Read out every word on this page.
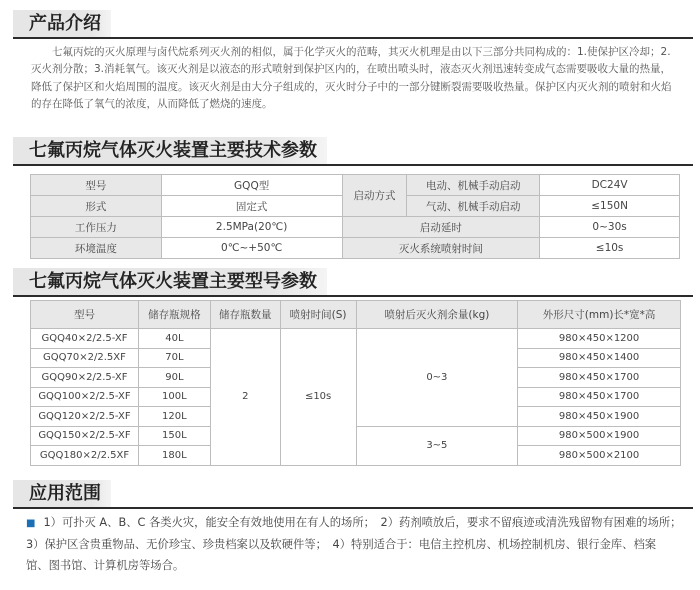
产品介绍

七氟丙烷的灭火原理与卤代烷系列灭火剂的相似，属于化学灭火的范畴，其灭火机理是由以下三部分共同构成的：1.使保护区冷却；2.灭火剂分散；3.消耗氧气。该灭火剂是以液态的形式喷射到保护区内的，在喷出喷头时，液态灭火剂迅速转变成气态需要吸收大量的热量，降低了保护区和火焰周围的温度。该灭火剂是由大分子组成的，灭火时分子中的一部分键断裂需要吸收热量。保护区内灭火剂的喷射和火焰的存在降低了氧气的浓度，从而降低了燃烧的速度。

七氟丙烷气体灭火装置主要技术参数
型号	GQQ型	启动方式	电动、机械手动启动	DC24V
形式	固定式		气动、机械手动启动	≤150N
工作压力	2.5MPa(20℃)	启动延时		0~30s
环境温度	0℃~+50℃	灭火系统喷射时间		≤10s
七氟丙烷气体灭火装置主要型号参数
型号	储存瓶规格	储存瓶数量	喷射时间(S)	喷射后灭火剂余量(kg)	外形尺寸(mm)长*宽*高
GQQ40×2/2.5-XF	40L	2	≤10s	0~3	980×450×1200
GQQ70×2/2.5XF	70L				980×450×1400
GQQ90×2/2.5-XF	90L				980×450×1700
GQQ100×2/2.5-XF	100L				980×450×1700
GQQ120×2/2.5-XF	120L				980×450×1900
GQQ150×2/2.5-XF	150L			3~5	980×500×1900
GQQ180×2/2.5XF	180L				980×500×2100
应用范围

■ 1）可扑灭 A、B、C 各类火灾，能安全有效地使用在有人的场所；　2）药剂喷放后，要求不留痕迹或清洗残留物有困难的场所；　3）保护区含贵重物品、无价珍宝、珍贵档案以及软硬件等；　4）特别适合于：电信主控机房、机场控制机房、银行金库、档案馆、图书馆、计算机房等场合。
